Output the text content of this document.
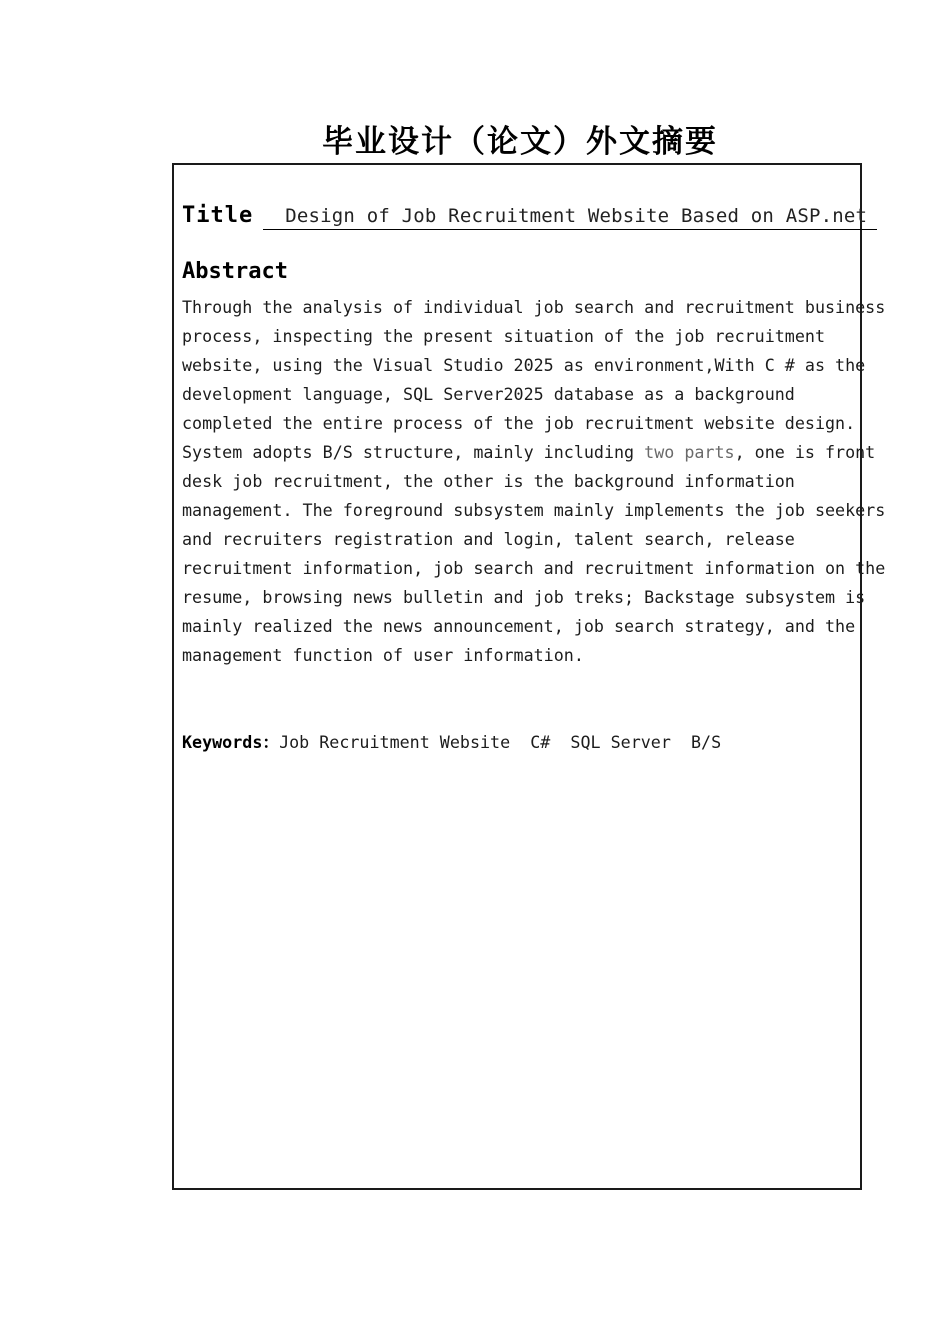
毕业设计（论文）外文摘要
Title Design of Job Recruitment Website Based on ASP.net
Abstract
Through the analysis of individual job search and recruitment business
process, inspecting the present situation of the job recruitment
website, using the Visual Studio 2025 as environment,With C # as the
development language, SQL Server2025 database as a background
completed the entire process of the job recruitment website design.
System adopts B/S structure, mainly including two parts, one is front
desk job recruitment, the other is the background information
management. The foreground subsystem mainly implements the job seekers
and recruiters registration and login, talent search, release
recruitment information, job search and recruitment information on the
resume, browsing news bulletin and job treks; Backstage subsystem is
mainly realized the news announcement, job search strategy, and the
management function of user information.
Keywords：Job Recruitment Website  C#  SQL Server  B/S
